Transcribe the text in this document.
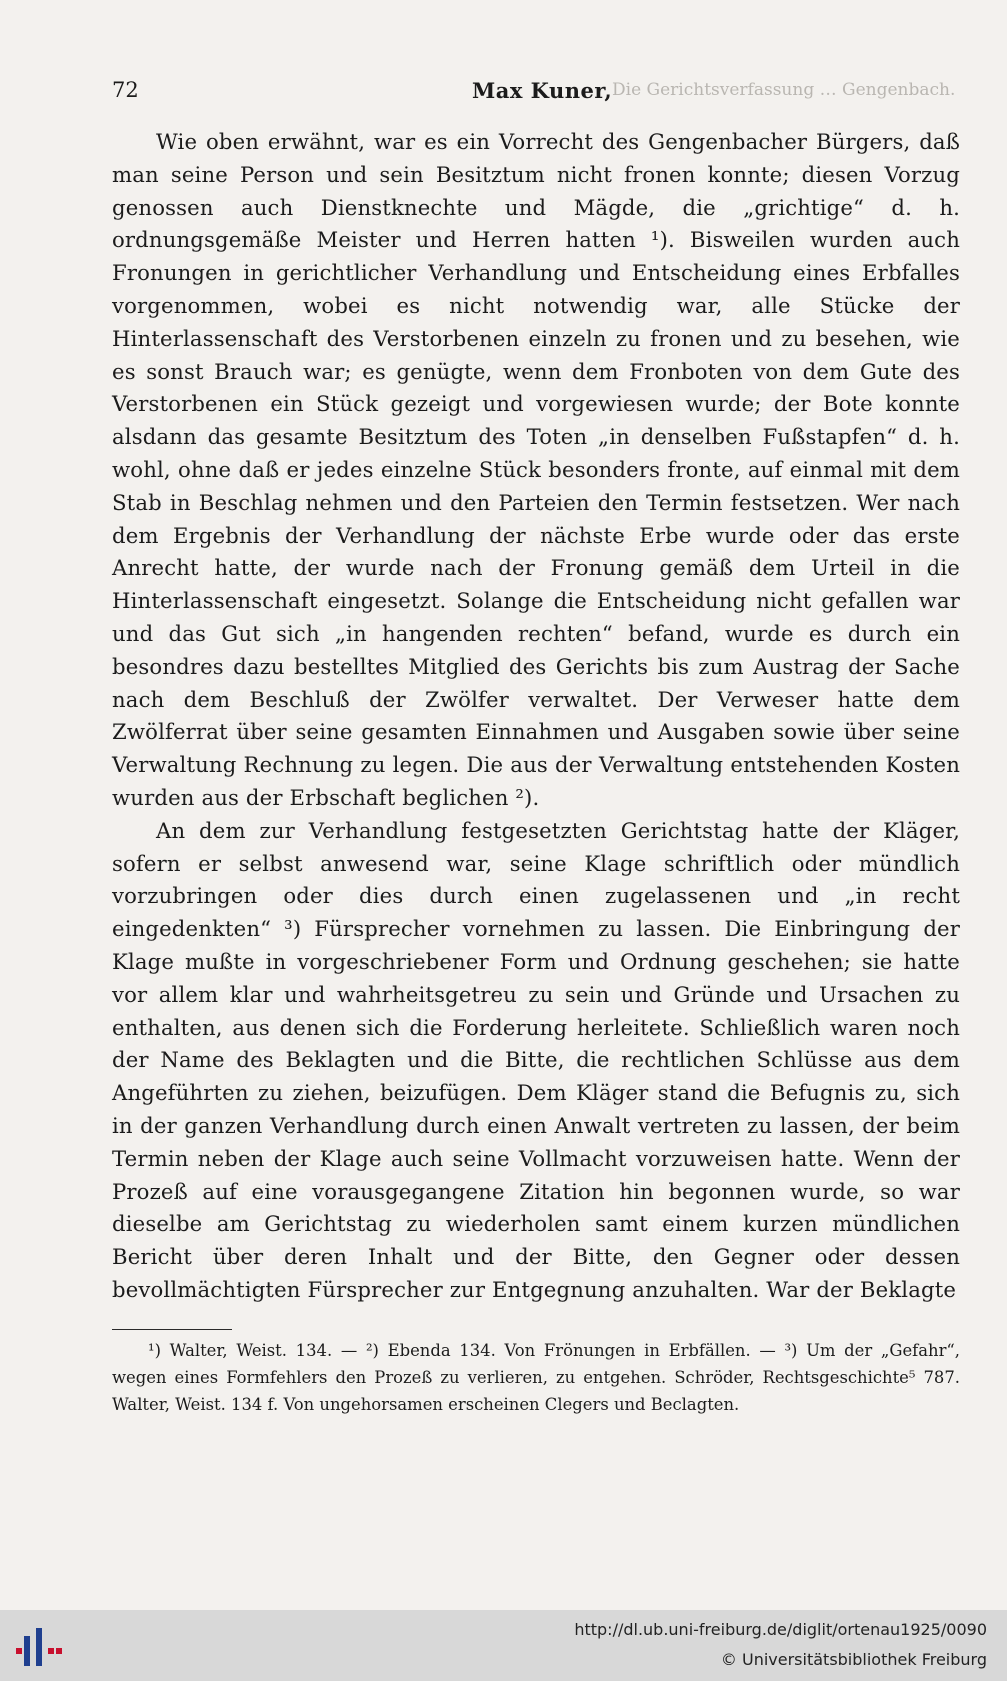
Die Gerichtsverfassung … Gengenbach.
72	Max Kuner,

Wie oben erwähnt, war es ein Vorrecht des Gengenbacher Bürgers, daß man seine Person und sein Besitztum nicht fronen konnte; diesen Vorzug genossen auch Dienstknechte und Mägde, die „grichtige“ d. h. ordnungsgemäße Meister und Herren hatten ¹). Bisweilen wurden auch Fronungen in gerichtlicher Verhandlung und Entscheidung eines Erbfalles vorgenommen, wobei es nicht notwendig war, alle Stücke der Hinterlassenschaft des Verstorbenen einzeln zu fronen und zu besehen, wie es sonst Brauch war; es genügte, wenn dem Fronboten von dem Gute des Verstorbenen ein Stück gezeigt und vorgewiesen wurde; der Bote konnte alsdann das gesamte Besitztum des Toten „in denselben Fußstapfen“ d. h. wohl, ohne daß er jedes einzelne Stück besonders fronte, auf einmal mit dem Stab in Beschlag nehmen und den Parteien den Termin festsetzen. Wer nach dem Ergebnis der Verhandlung der nächste Erbe wurde oder das erste Anrecht hatte, der wurde nach der Fronung gemäß dem Urteil in die Hinterlassenschaft eingesetzt. Solange die Entscheidung nicht gefallen war und das Gut sich „in hangenden rechten“ befand, wurde es durch ein besondres dazu bestelltes Mitglied des Gerichts bis zum Austrag der Sache nach dem Beschluß der Zwölfer verwaltet. Der Verweser hatte dem Zwölferrat über seine gesamten Einnahmen und Ausgaben sowie über seine Verwaltung Rechnung zu legen. Die aus der Verwaltung entstehenden Kosten wurden aus der Erbschaft beglichen ²).

An dem zur Verhandlung festgesetzten Gerichtstag hatte der Kläger, sofern er selbst anwesend war, seine Klage schriftlich oder mündlich vorzubringen oder dies durch einen zugelassenen und „in recht eingedenkten“ ³) Fürsprecher vornehmen zu lassen. Die Einbringung der Klage mußte in vorgeschriebener Form und Ordnung geschehen; sie hatte vor allem klar und wahrheitsgetreu zu sein und Gründe und Ursachen zu enthalten, aus denen sich die Forderung herleitete. Schließlich waren noch der Name des Beklagten und die Bitte, die rechtlichen Schlüsse aus dem Angeführten zu ziehen, beizufügen. Dem Kläger stand die Befugnis zu, sich in der ganzen Verhandlung durch einen Anwalt vertreten zu lassen, der beim Termin neben der Klage auch seine Vollmacht vorzuweisen hatte. Wenn der Prozeß auf eine vorausgegangene Zitation hin begonnen wurde, so war dieselbe am Gerichtstag zu wiederholen samt einem kurzen mündlichen Bericht über deren Inhalt und der Bitte, den Gegner oder dessen bevollmächtigten Fürsprecher zur Entgegnung anzuhalten. War der Beklagte

¹) Walter, Weist. 134. — ²) Ebenda 134. Von Frönungen in Erbfällen. — ³) Um der „Gefahr“, wegen eines Formfehlers den Prozeß zu verlieren, zu entgehen. Schröder, Rechtsgeschichte⁵ 787. Walter, Weist. 134 f. Von ungehorsamen erscheinen Clegers und Beclagten.

http://dl.ub.uni-freiburg.de/diglit/ortenau1925/0090
© Universitätsbibliothek Freiburg
